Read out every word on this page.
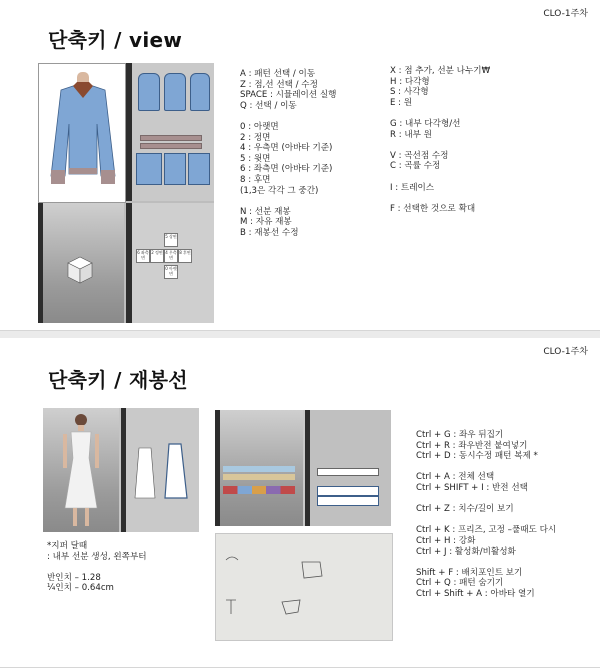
CLO-1주차
단축키 / view
5 상면
6 좌측면
2 정면 4 우측면
8 후면
0 아랫면
A : 패턴 선택 / 이동
Z : 점,선 선택 / 수정
SPACE : 시뮬레이션 실행
Q : 선택 / 이동

0 : 아랫면
2 : 정면
4 : 우측면 (아바타 기준)
5 : 윗면
6 : 좌측면 (아바타 기준)
8 : 후면
(1,3은 각각 그 중간)

N : 선분 재봉
M : 자유 재봉
B : 재봉선 수정
X : 점 추가, 선분 나누기₩
H : 다각형
S : 사각형
E : 원

G : 내부 다각형/선
R : 내부 원

V : 곡선점 수정
C : 곡률 수정

I : 트레이스

F : 선택한 것으로 확대
CLO-1주차
단축키 / 재봉선
*지퍼 달때
: 내부 선분 생성, 왼쪽부터

반인치 – 1.28
¼인치 – 0.64cm
Ctrl + G : 좌우 뒤집기
Ctrl + R : 좌우반전 붙여넣기
Ctrl + D : 동시수정 패턴 복제 *

Ctrl + A : 전체 선택
Ctrl + SHIFT + I : 반전 선택

Ctrl + Z : 치수/길이 보기

Ctrl + K : 프리즈, 고정 –풀때도 다시
Ctrl + H : 강화
Ctrl + J : 활성화/비활성화

Shift + F : 배치포인트 보기
Ctrl + Q : 패턴 숨기기
Ctrl + Shift + A : 아바타 열기
